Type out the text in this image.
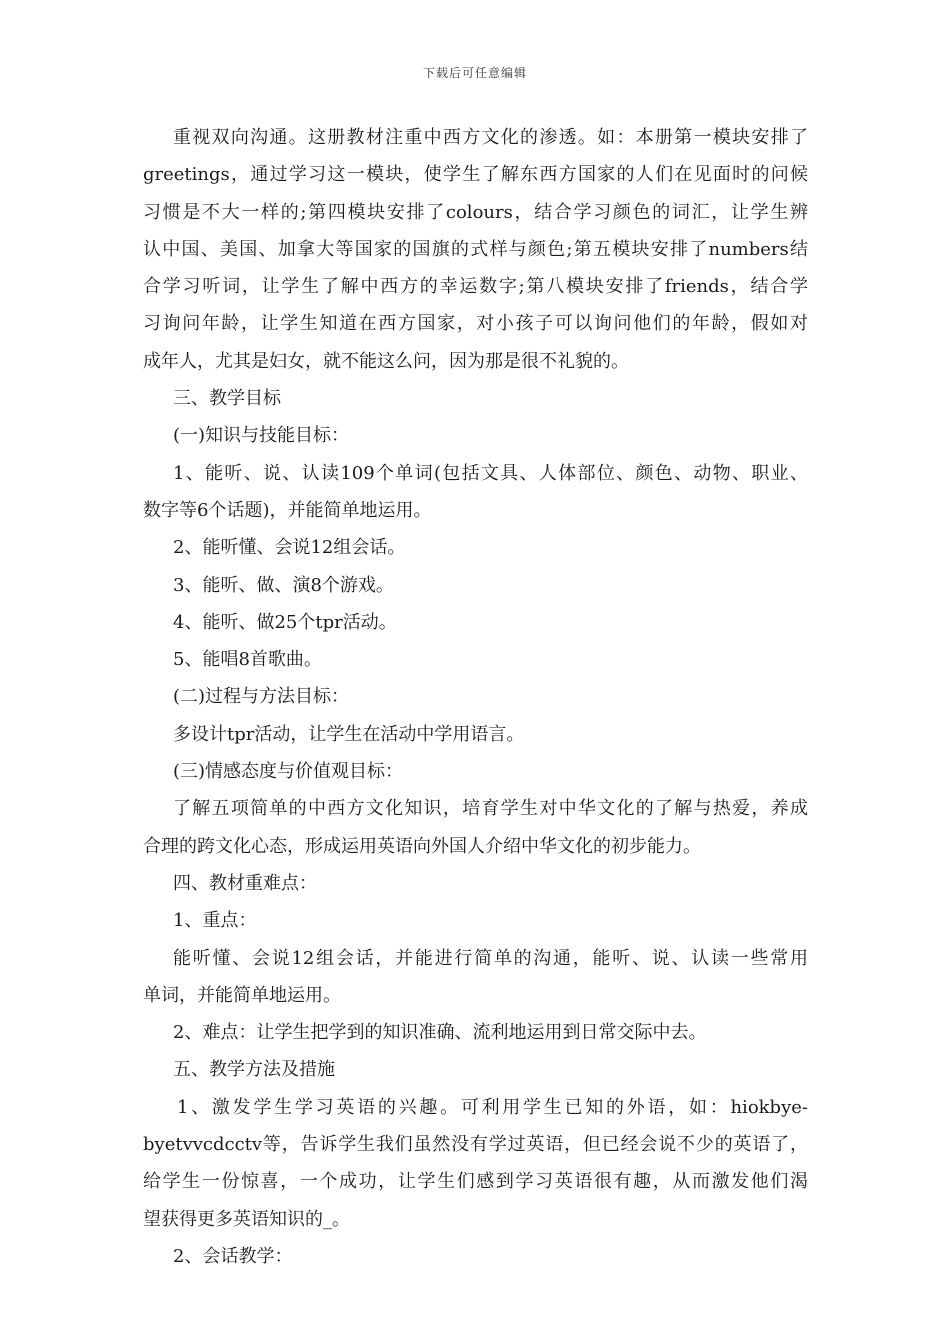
下载后可任意编辑
重视双向沟通。这册教材注重中西方文化的渗透。如：本册第一模块安排了
greetings，通过学习这一模块，使学生了解东西方国家的人们在见面时的问候
习惯是不大一样的;第四模块安排了colours，结合学习颜色的词汇，让学生辨
认中国、美国、加拿大等国家的国旗的式样与颜色;第五模块安排了numbers结
合学习听词，让学生了解中西方的幸运数字;第八模块安排了friends，结合学
习询问年龄，让学生知道在西方国家，对小孩子可以询问他们的年龄，假如对
成年人，尤其是妇女，就不能这么问，因为那是很不礼貌的。
三、教学目标
(一)知识与技能目标：
1、能听、说、认读109个单词(包括文具、人体部位、颜色、动物、职业、
数字等6个话题)，并能简单地运用。
2、能听懂、会说12组会话。
3、能听、做、演8个游戏。
4、能听、做25个tpr活动。
5、能唱8首歌曲。
(二)过程与方法目标：
多设计tpr活动，让学生在活动中学用语言。
(三)情感态度与价值观目标：
了解五项简单的中西方文化知识，培育学生对中华文化的了解与热爱，养成
合理的跨文化心态，形成运用英语向外国人介绍中华文化的初步能力。
四、教材重难点：
1、重点：
能听懂、会说12组会话，并能进行简单的沟通，能听、说、认读一些常用
单词，并能简单地运用。
2、难点：让学生把学到的知识准确、流利地运用到日常交际中去。
五、教学方法及措施
1、激发学生学习英语的兴趣。可利用学生已知的外语，如：hiokbye-
byetvvcdcctv等，告诉学生我们虽然没有学过英语，但已经会说不少的英语了，
给学生一份惊喜，一个成功，让学生们感到学习英语很有趣，从而激发他们渴
望获得更多英语知识的_。
2、会话教学：
